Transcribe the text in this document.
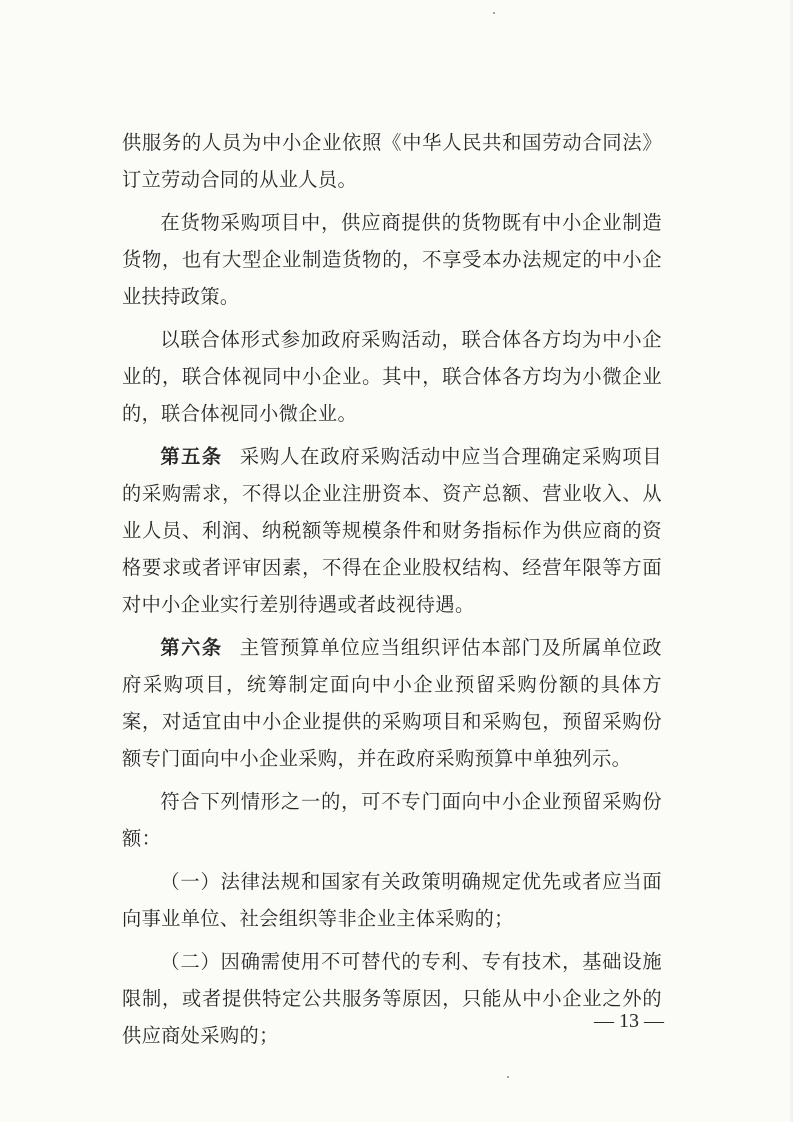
供服务的人员为中小企业依照《中华人民共和国劳动合同法》订立劳动合同的从业人员。

在货物采购项目中，供应商提供的货物既有中小企业制造货物，也有大型企业制造货物的，不享受本办法规定的中小企业扶持政策。

以联合体形式参加政府采购活动，联合体各方均为中小企业的，联合体视同中小企业。其中，联合体各方均为小微企业的，联合体视同小微企业。

第五条 采购人在政府采购活动中应当合理确定采购项目的采购需求，不得以企业注册资本、资产总额、营业收入、从业人员、利润、纳税额等规模条件和财务指标作为供应商的资格要求或者评审因素，不得在企业股权结构、经营年限等方面对中小企业实行差别待遇或者歧视待遇。

第六条 主管预算单位应当组织评估本部门及所属单位政府采购项目，统筹制定面向中小企业预留采购份额的具体方案，对适宜由中小企业提供的采购项目和采购包，预留采购份额专门面向中小企业采购，并在政府采购预算中单独列示。

符合下列情形之一的，可不专门面向中小企业预留采购份额：

（一）法律法规和国家有关政策明确规定优先或者应当面向事业单位、社会组织等非企业主体采购的；

（二）因确需使用不可替代的专利、专有技术，基础设施限制，或者提供特定公共服务等原因，只能从中小企业之外的供应商处采购的；

— 13 —
